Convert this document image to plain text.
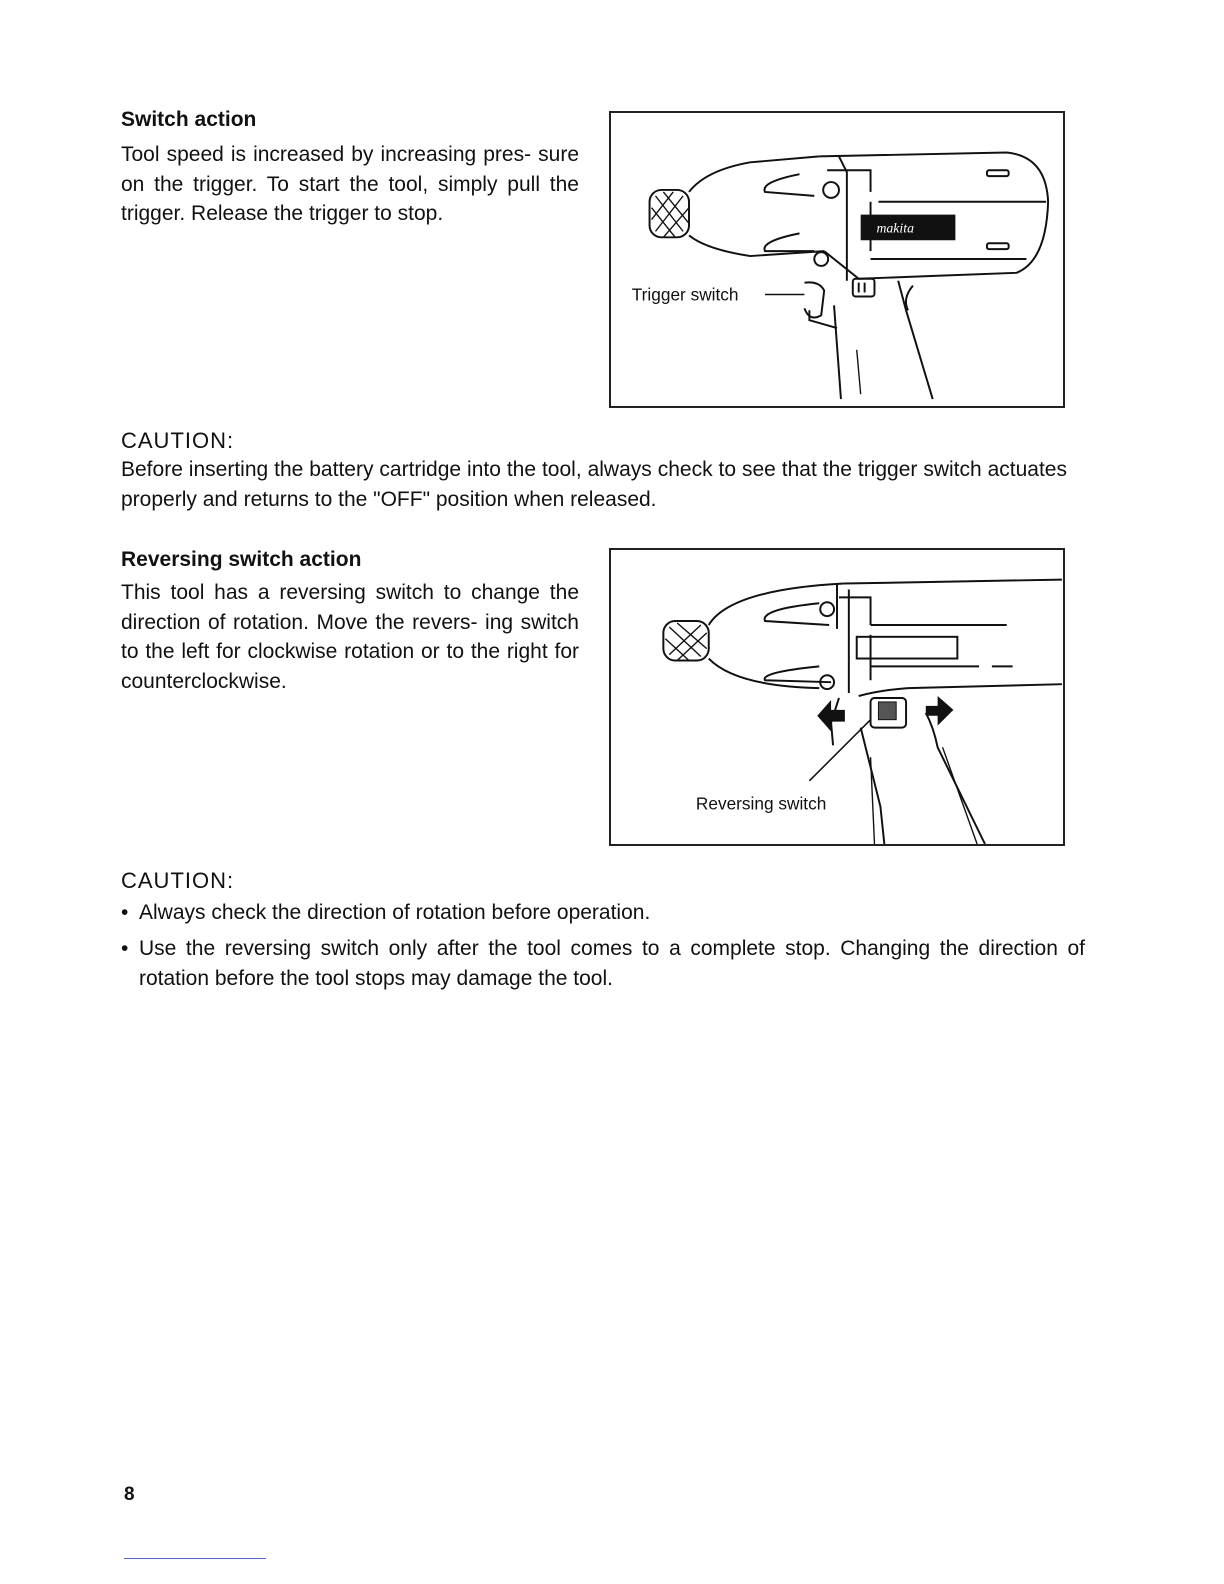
Switch action
Tool speed is increased by increasing pres- sure on the trigger. To start the tool, simply pull the trigger. Release the trigger to stop.
makita
Trigger switch
CAUTION:
Before inserting the battery cartridge into the tool, always check to see that the trigger switch actuates properly and returns to the "OFF" position when released.
Reversing switch action
This tool has a reversing switch to change the direction of rotation. Move the revers- ing switch to the left for clockwise rotation or to the right for counterclockwise.
Reversing switch
CAUTION:
• Always check the direction of rotation before operation.
• Use the reversing switch only after the tool comes to a complete stop. Changing the direction of rotation before the tool stops may damage the tool.
8
